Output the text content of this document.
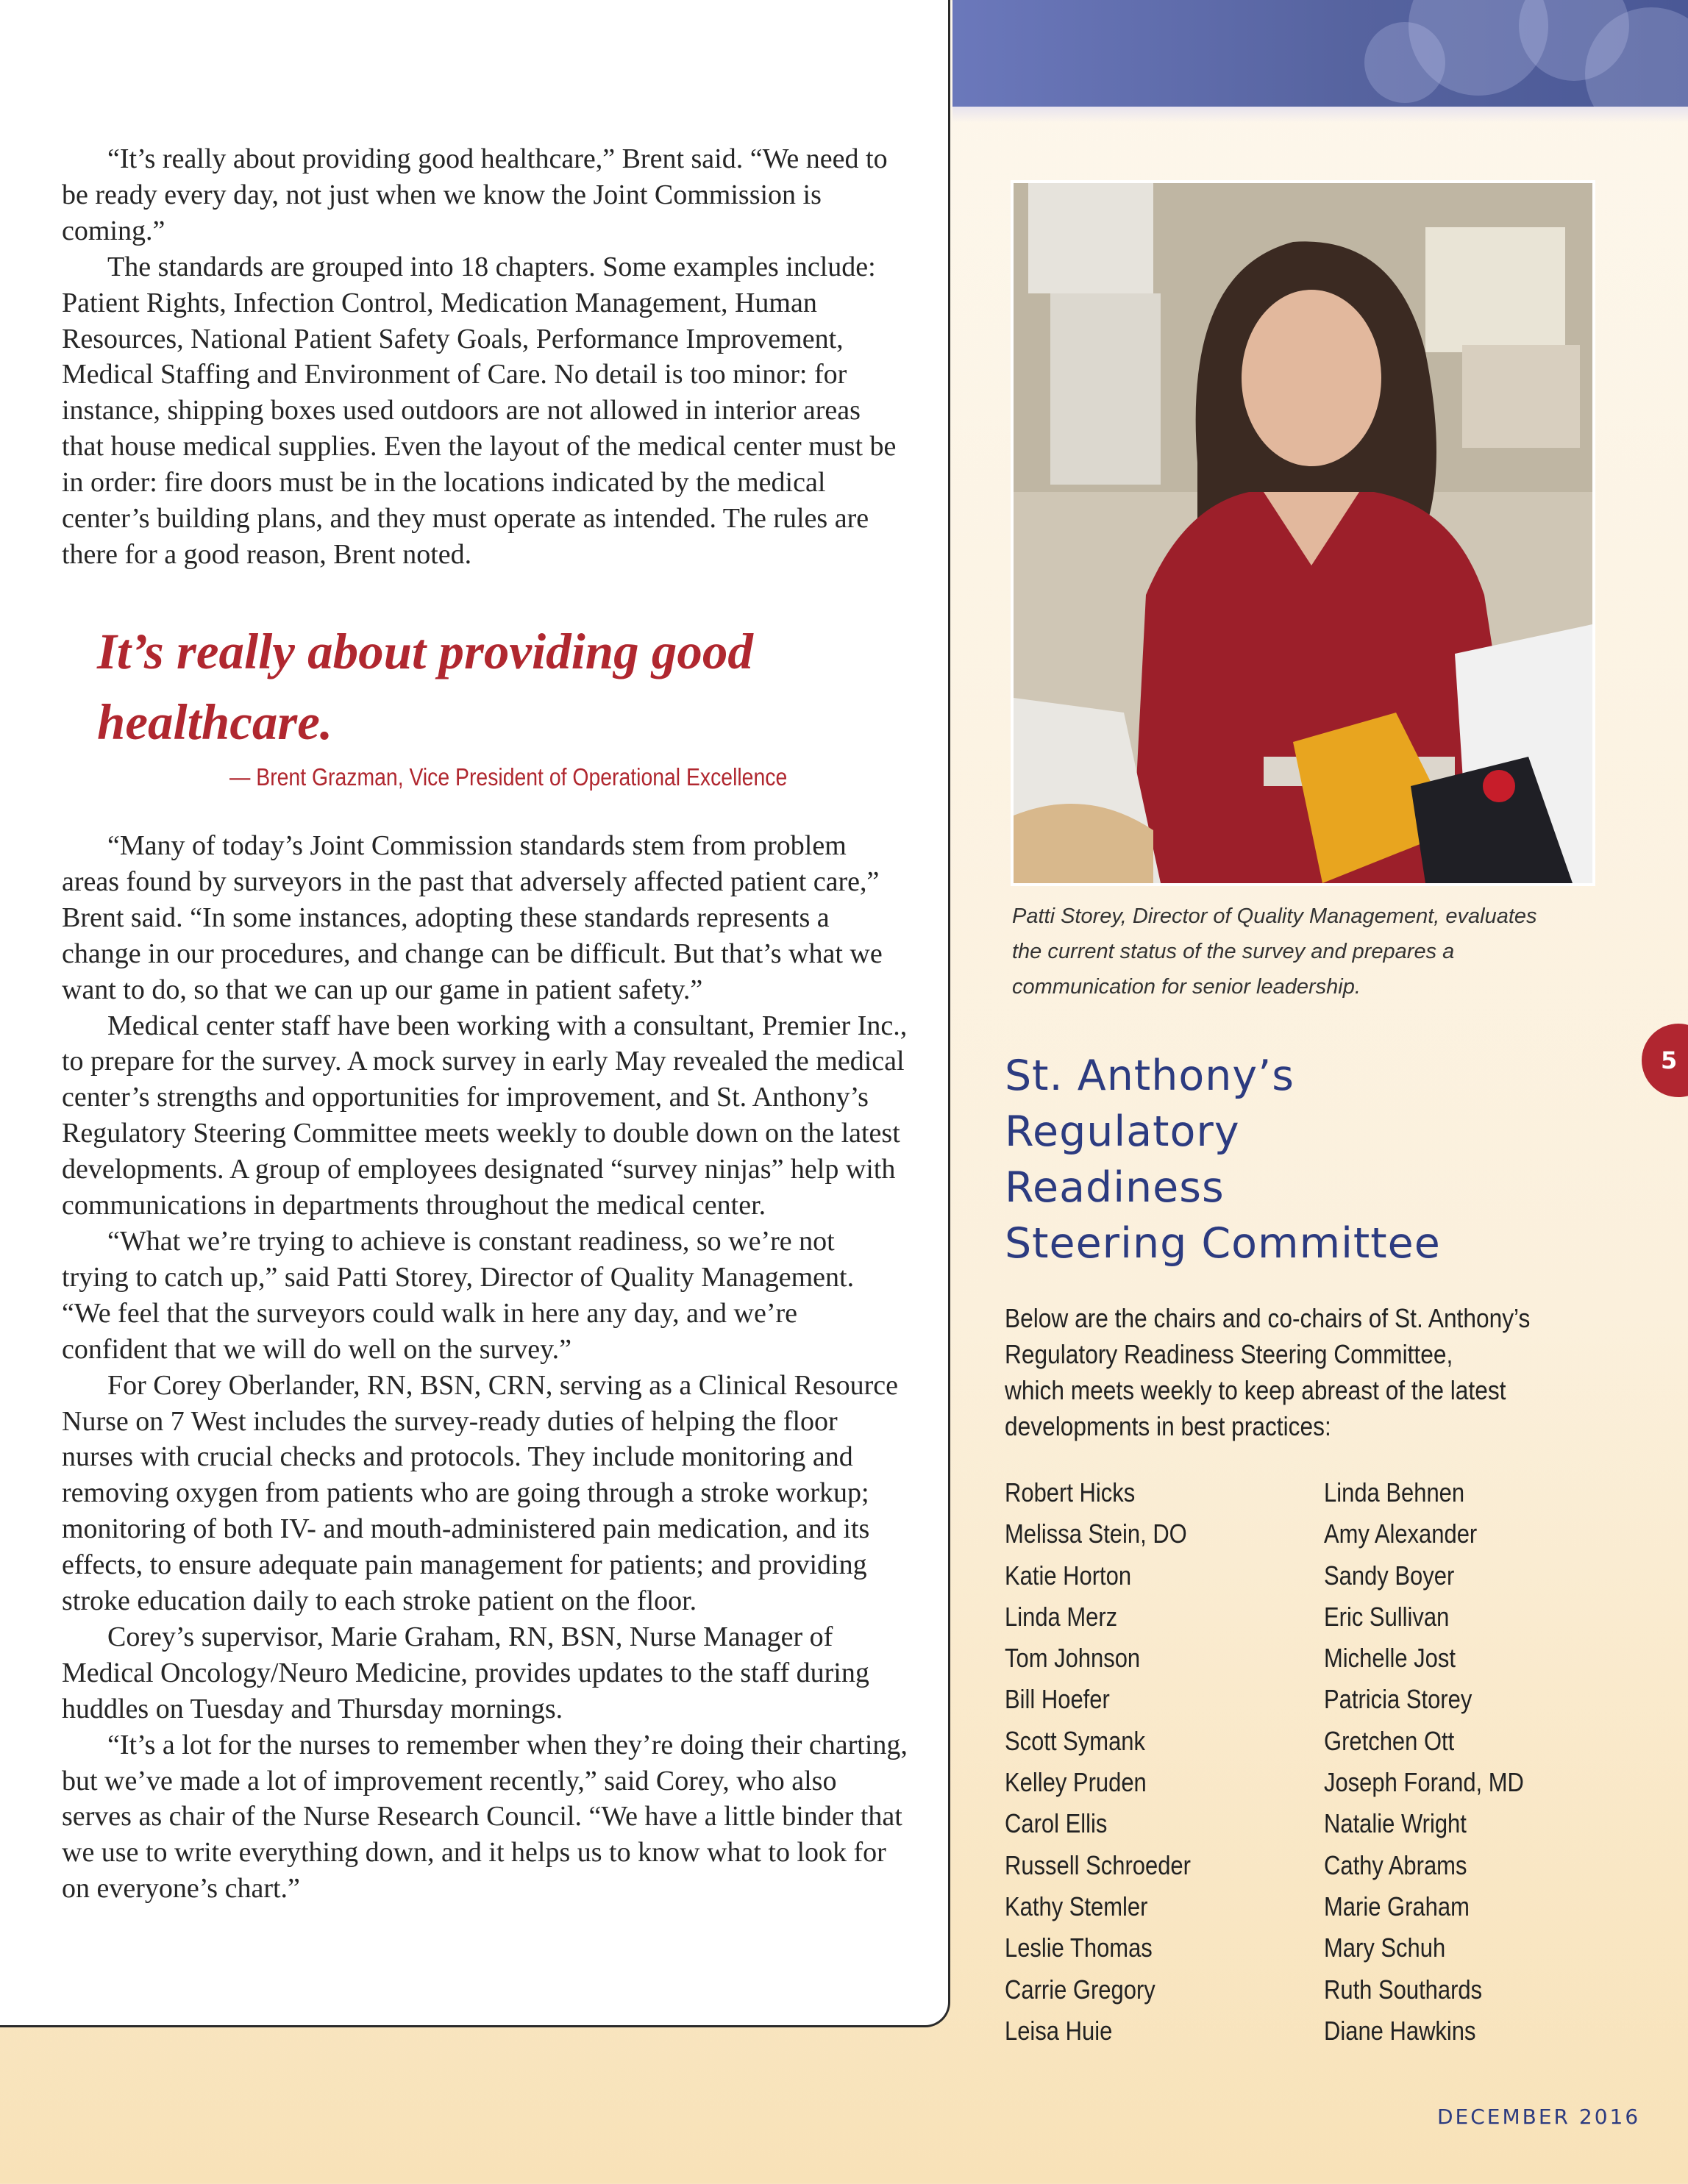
“It’s really about providing good healthcare,” Brent said. “We need to be ready every day, not just when we know the Joint Commission is coming.”

The standards are grouped into 18 chapters. Some examples include: Patient Rights, Infection Control, Medication Management, Human Resources, National Patient Safety Goals, Performance Improvement, Medical Staffing and Environment of Care. No detail is too minor: for instance, shipping boxes used outdoors are not allowed in interior areas that house medical supplies. Even the layout of the medical center must be in order: fire doors must be in the locations indicated by the medical center’s building plans, and they must operate as intended. The rules are there for a good reason, Brent noted.

It’s really about providing good healthcare.
— Brent Grazman, Vice President of Operational Excellence

“Many of today’s Joint Commission standards stem from problem areas found by surveyors in the past that adversely affected patient care,” Brent said. “In some instances, adopting these standards represents a change in our procedures, and change can be difficult. But that’s what we want to do, so that we can up our game in patient safety.”

Medical center staff have been working with a consultant, Premier Inc., to prepare for the survey. A mock survey in early May revealed the medical center’s strengths and opportunities for improvement, and St. Anthony’s Regulatory Steering Committee meets weekly to double down on the latest developments. A group of employees designated “survey ninjas” help with communications in departments throughout the medical center.

“What we’re trying to achieve is constant readiness, so we’re not trying to catch up,” said Patti Storey, Director of Quality Management. “We feel that the surveyors could walk in here any day, and we’re confident that we will do well on the survey.”

For Corey Oberlander, RN, BSN, CRN, serving as a Clinical Resource Nurse on 7 West includes the survey-ready duties of helping the floor nurses with crucial checks and protocols. They include monitoring and removing oxygen from patients who are going through a stroke workup; monitoring of both IV- and mouth-administered pain medication, and its effects, to ensure adequate pain management for patients; and providing stroke education daily to each stroke patient on the floor.

Corey’s supervisor, Marie Graham, RN, BSN, Nurse Manager of Medical Oncology/Neuro Medicine, provides updates to the staff during huddles on Tuesday and Thursday mornings.

“It’s a lot for the nurses to remember when they’re doing their charting, but we’ve made a lot of improvement recently,” said Corey, who also serves as chair of the Nurse Research Council. “We have a little binder that we use to write everything down, and it helps us to know what to look for on everyone’s chart.”

Patti Storey, Director of Quality Management, evaluates
the current status of the survey and prepares a
communication for senior leadership.
5
St. Anthony’s
Regulatory
Readiness
Steering Committee
Below are the chairs and co-chairs of St. Anthony’s
Regulatory Readiness Steering Committee,
which meets weekly to keep abreast of the latest
developments in best practices:
Robert Hicks
Melissa Stein, DO
Katie Horton
Linda Merz
Tom Johnson
Bill Hoefer
Scott Symank
Kelley Pruden
Carol Ellis
Russell Schroeder
Kathy Stemler
Leslie Thomas
Carrie Gregory
Leisa Huie
Linda Behnen
Amy Alexander
Sandy Boyer
Eric Sullivan
Michelle Jost
Patricia Storey
Gretchen Ott
Joseph Forand, MD
Natalie Wright
Cathy Abrams
Marie Graham
Mary Schuh
Ruth Southards
Diane Hawkins
DECEMBER 2016
